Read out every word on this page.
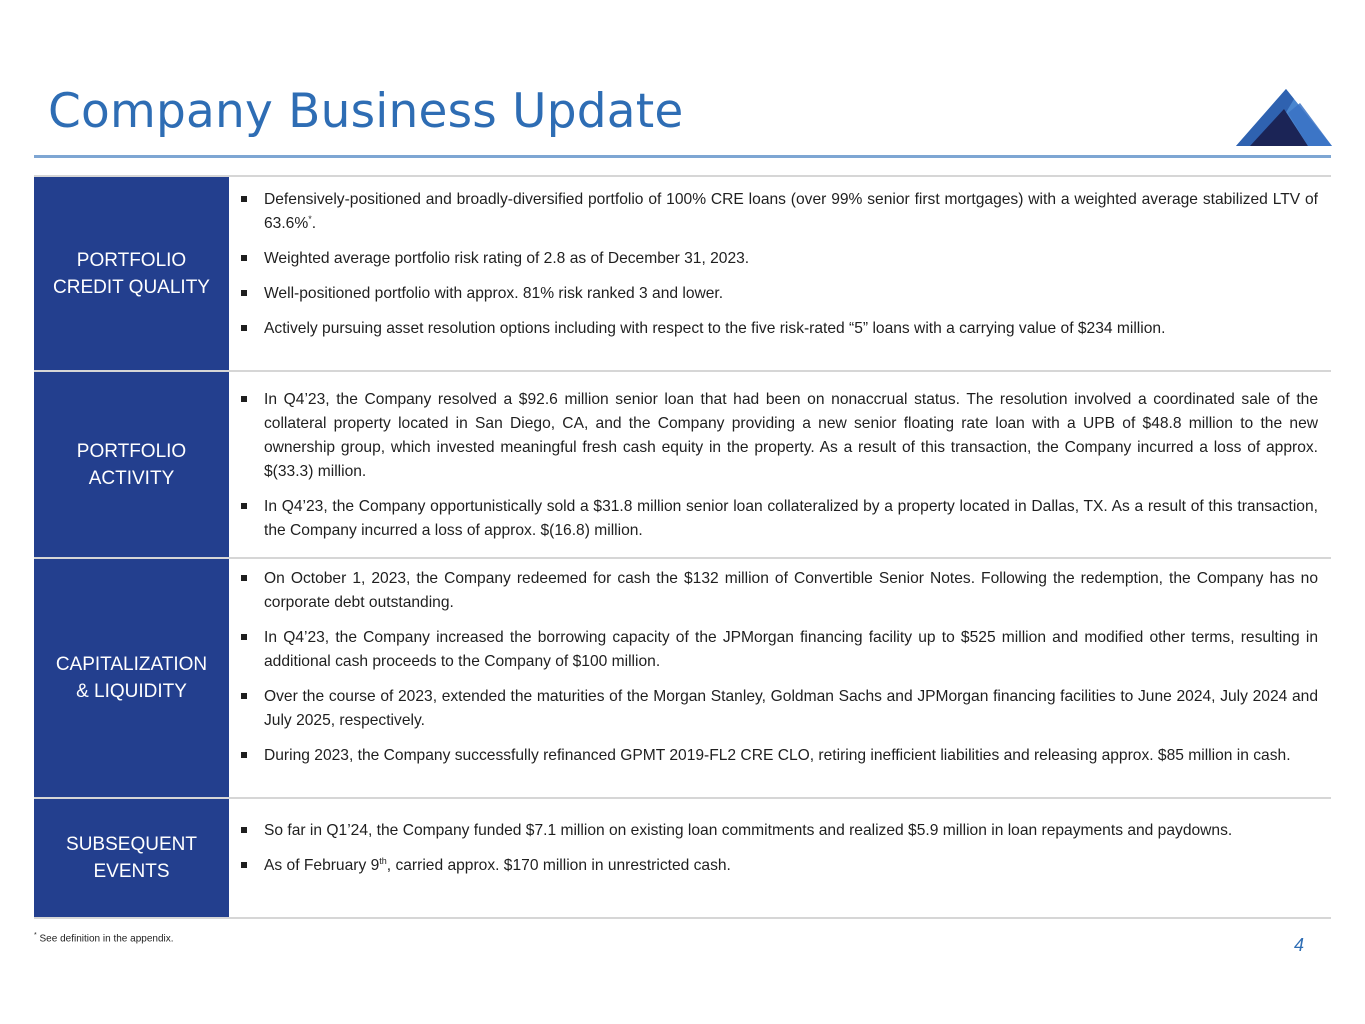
Company Business Update
PORTFOLIO
CREDIT QUALITY
Defensively-positioned and broadly-diversified portfolio of 100% CRE loans (over 99% senior first mortgages) with a weighted average stabilized LTV of 63.6%*.
Weighted average portfolio risk rating of 2.8 as of December 31, 2023.
Well-positioned portfolio with approx. 81% risk ranked 3 and lower.
Actively pursuing asset resolution options including with respect to the five risk-rated “5” loans with a carrying value of $234 million.
PORTFOLIO
ACTIVITY
In Q4’23, the Company resolved a $92.6 million senior loan that had been on nonaccrual status. The resolution involved a coordinated sale of the collateral property located in San Diego, CA, and the Company providing a new senior floating rate loan with a UPB of $48.8 million to the new ownership group, which invested meaningful fresh cash equity in the property. As a result of this transaction, the Company incurred a loss of approx. $(33.3) million.
In Q4’23, the Company opportunistically sold a $31.8 million senior loan collateralized by a property located in Dallas, TX. As a result of this transaction, the Company incurred a loss of approx. $(16.8) million.
CAPITALIZATION
& LIQUIDITY
On October 1, 2023, the Company redeemed for cash the $132 million of Convertible Senior Notes. Following the redemption, the Company has no corporate debt outstanding.
In Q4’23, the Company increased the borrowing capacity of the JPMorgan financing facility up to $525 million and modified other terms, resulting in additional cash proceeds to the Company of $100 million.
Over the course of 2023, extended the maturities of the Morgan Stanley, Goldman Sachs and JPMorgan financing facilities to June 2024, July 2024 and July 2025, respectively.
During 2023, the Company successfully refinanced GPMT 2019-FL2 CRE CLO, retiring inefficient liabilities and releasing approx. $85 million in cash.
SUBSEQUENT
EVENTS
So far in Q1’24, the Company funded $7.1 million on existing loan commitments and realized $5.9 million in loan repayments and paydowns.
As of February 9th, carried approx. $170 million in unrestricted cash.
* See definition in the appendix.	4
